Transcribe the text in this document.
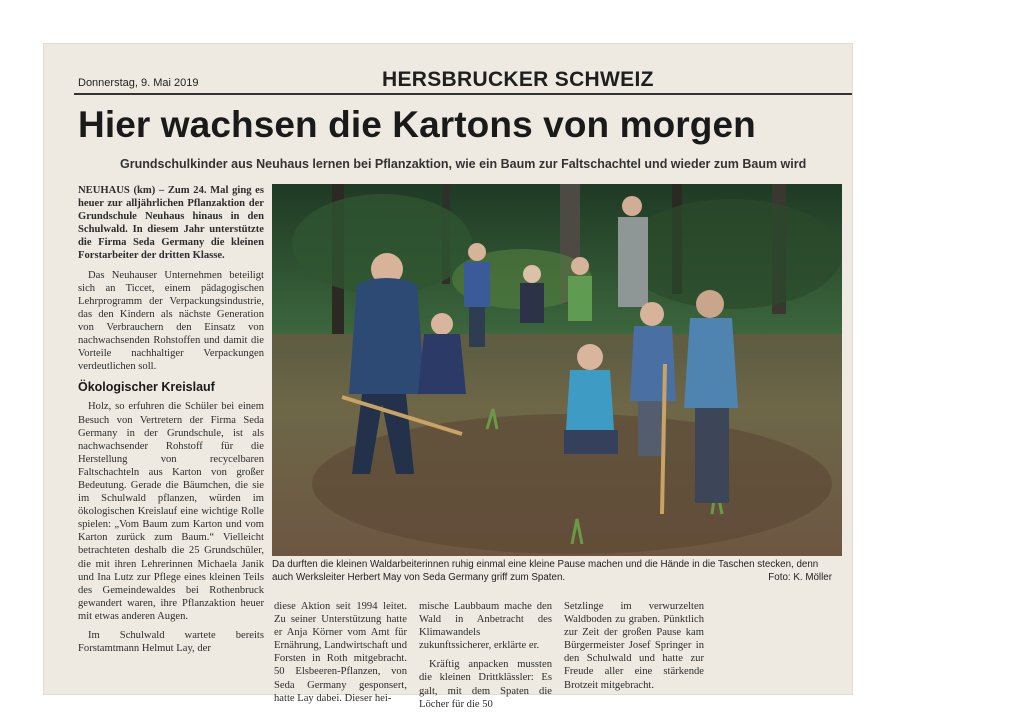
Donnerstag, 9. Mai 2019	HERSBRUCKER SCHWEIZ
Hier wachsen die Kartons von morgen
Grundschulkinder aus Neuhaus lernen bei Pflanzaktion, wie ein Baum zur Faltschachtel und wieder zum Baum wird

NEUHAUS (km) – Zum 24. Mal ging es heuer zur alljährlichen Pflanzaktion der Grundschule Neuhaus hinaus in den Schulwald. In diesem Jahr unterstützte die Firma Seda Germany die kleinen Forstarbeiter der dritten Klasse.

Das Neuhauser Unternehmen beteiligt sich an Ticcet, einem pädagogischen Lehrprogramm der Verpackungsindustrie, das den Kindern als nächste Generation von Verbrauchern den Einsatz von nachwachsenden Rohstoffen und damit die Vorteile nachhaltiger Verpackungen verdeutlichen soll.

Ökologischer Kreislauf

Holz, so erfuhren die Schüler bei einem Besuch von Vertretern der Firma Seda Germany in der Grundschule, ist als nachwachsender Rohstoff für die Herstellung von recycelbaren Faltschachteln aus Karton von großer Bedeutung. Gerade die Bäumchen, die sie im Schulwald pflanzen, würden im ökologischen Kreislauf eine wichtige Rolle spielen: „Vom Baum zum Karton und vom Karton zurück zum Baum.“ Vielleicht betrachteten deshalb die 25 Grundschüler, die mit ihren Lehrerinnen Michaela Janik und Ina Lutz zur Pflege eines kleinen Teils des Gemeindewaldes bei Rothenbruck gewandert waren, ihre Pflanzaktion heuer mit etwas anderen Augen.

Im Schulwald wartete bereits Forstamtmann Helmut Lay, der

Da durften die kleinen Waldarbeiterinnen ruhig einmal eine kleine Pause machen und die Hände in die Taschen stecken, denn auch Werksleiter Herbert May von Seda Germany griff zum Spaten.	Foto: K. Möller

diese Aktion seit 1994 leitet. Zu seiner Unterstützung hatte er Anja Körner vom Amt für Ernährung, Landwirtschaft und Forsten in Roth mitgebracht. 50 Elsbeeren-Pflanzen, von Seda Germany gesponsert, hatte Lay dabei. Dieser hei-

mische Laubbaum mache den Wald in Anbetracht des Klimawandels zukunftssicherer, erklärte er.

Kräftig anpacken mussten die kleinen Drittklässler: Es galt, mit dem Spaten die Löcher für die 50

Setzlinge im verwurzelten Waldboden zu graben. Pünktlich zur Zeit der großen Pause kam Bürgermeister Josef Springer in den Schulwald und hatte zur Freude aller eine stärkende Brotzeit mitgebracht.
